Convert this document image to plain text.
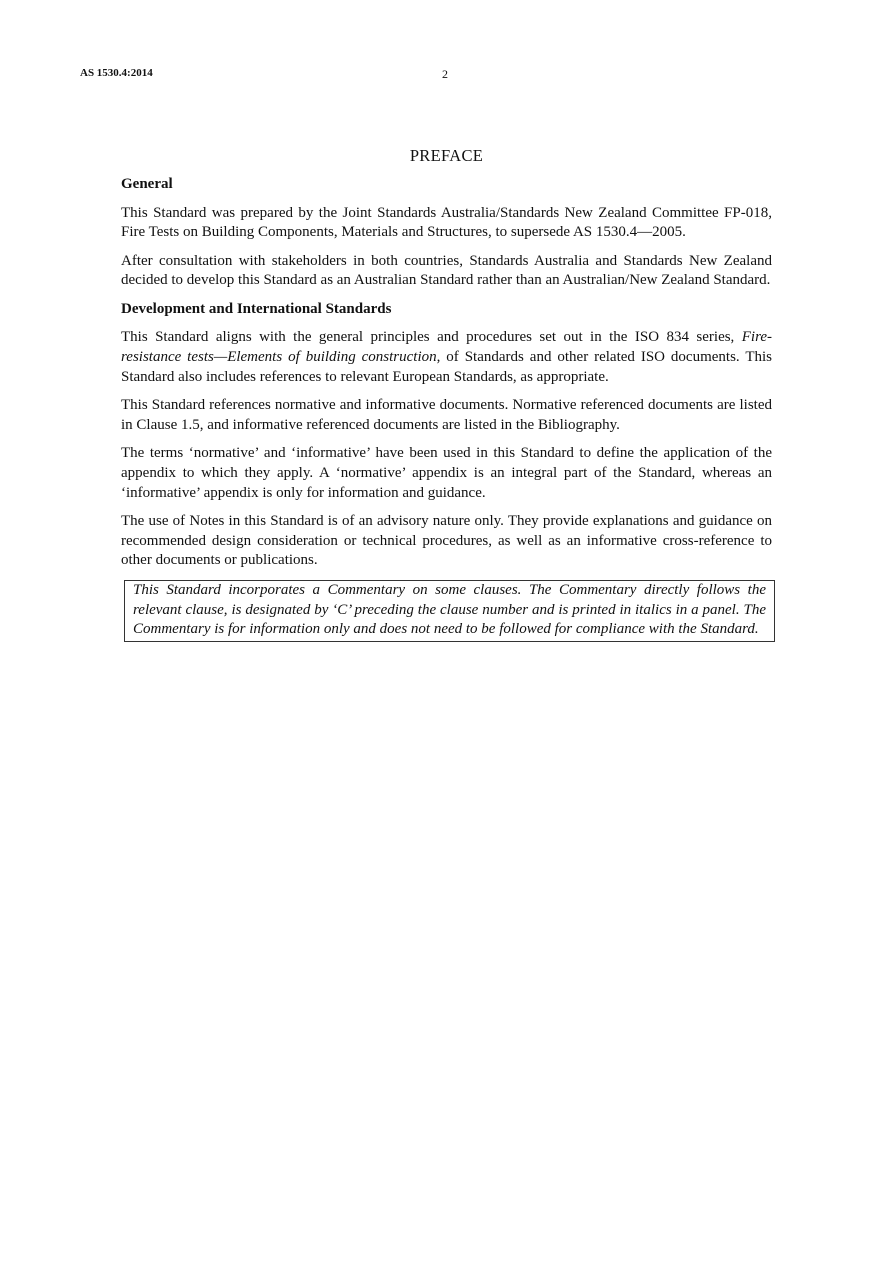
AS 1530.4:2014	2
PREFACE
General

This Standard was prepared by the Joint Standards Australia/Standards New Zealand Committee FP-018, Fire Tests on Building Components, Materials and Structures, to supersede AS 1530.4—2005.

After consultation with stakeholders in both countries, Standards Australia and Standards New Zealand decided to develop this Standard as an Australian Standard rather than an Australian/New Zealand Standard.

Development and International Standards

This Standard aligns with the general principles and procedures set out in the ISO 834 series, Fire-resistance tests—Elements of building construction, of Standards and other related ISO documents. This Standard also includes references to relevant European Standards, as appropriate.

This Standard references normative and informative documents. Normative referenced documents are listed in Clause 1.5, and informative referenced documents are listed in the Bibliography.

The terms ‘normative’ and ‘informative’ have been used in this Standard to define the application of the appendix to which they apply. A ‘normative’ appendix is an integral part of the Standard, whereas an ‘informative’ appendix is only for information and guidance.

The use of Notes in this Standard is of an advisory nature only. They provide explanations and guidance on recommended design consideration or technical procedures, as well as an informative cross-reference to other documents or publications.

This Standard incorporates a Commentary on some clauses. The Commentary directly follows the relevant clause, is designated by ‘C’ preceding the clause number and is printed in italics in a panel. The Commentary is for information only and does not need to be followed for compliance with the Standard.
